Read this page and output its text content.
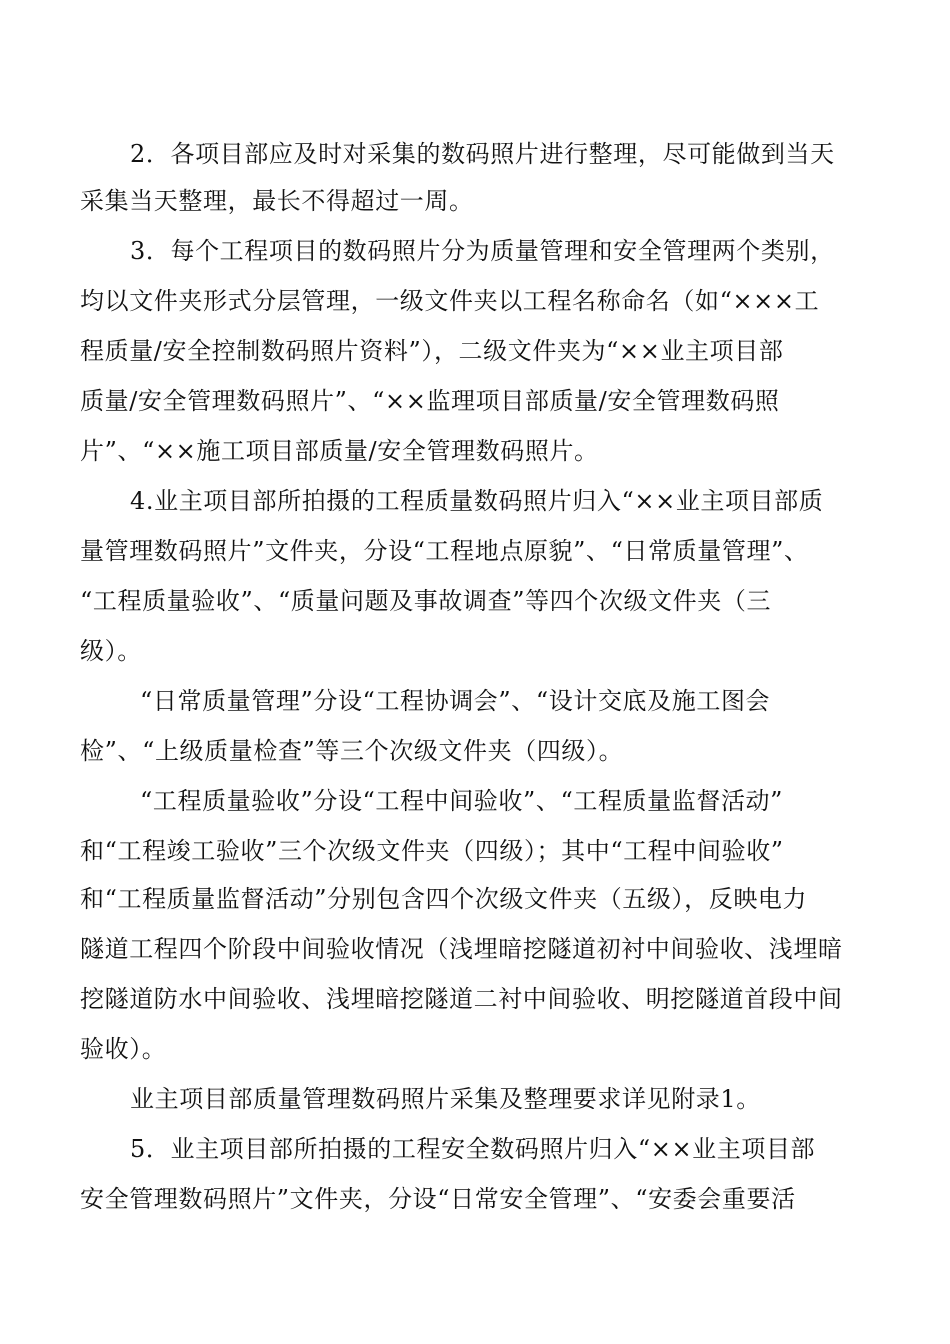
2．各项目部应及时对采集的数码照片进行整理，尽可能做到当天
采集当天整理，最长不得超过一周。
3．每个工程项目的数码照片分为质量管理和安全管理两个类别，
均以文件夹形式分层管理，一级文件夹以工程名称命名（如“×××工
程质量/安全控制数码照片资料”），二级文件夹为“××业主项目部
质量/安全管理数码照片”、“××监理项目部质量/安全管理数码照
片”、“××施工项目部质量/安全管理数码照片。
4.业主项目部所拍摄的工程质量数码照片归入“××业主项目部质
量管理数码照片”文件夹，分设“工程地点原貌”、“日常质量管理”、
“工程质量验收”、“质量问题及事故调查”等四个次级文件夹（三
级）。
“日常质量管理”分设“工程协调会”、“设计交底及施工图会
检”、“上级质量检查”等三个次级文件夹（四级）。
“工程质量验收”分设“工程中间验收”、“工程质量监督活动”
和“工程竣工验收”三个次级文件夹（四级）；其中“工程中间验收”
和“工程质量监督活动”分别包含四个次级文件夹（五级），反映电力
隧道工程四个阶段中间验收情况（浅埋暗挖隧道初衬中间验收、浅埋暗
挖隧道防水中间验收、浅埋暗挖隧道二衬中间验收、明挖隧道首段中间
验收）。
业主项目部质量管理数码照片采集及整理要求详见附录1。
5．业主项目部所拍摄的工程安全数码照片归入“××业主项目部
安全管理数码照片”文件夹，分设“日常安全管理”、“安委会重要活
